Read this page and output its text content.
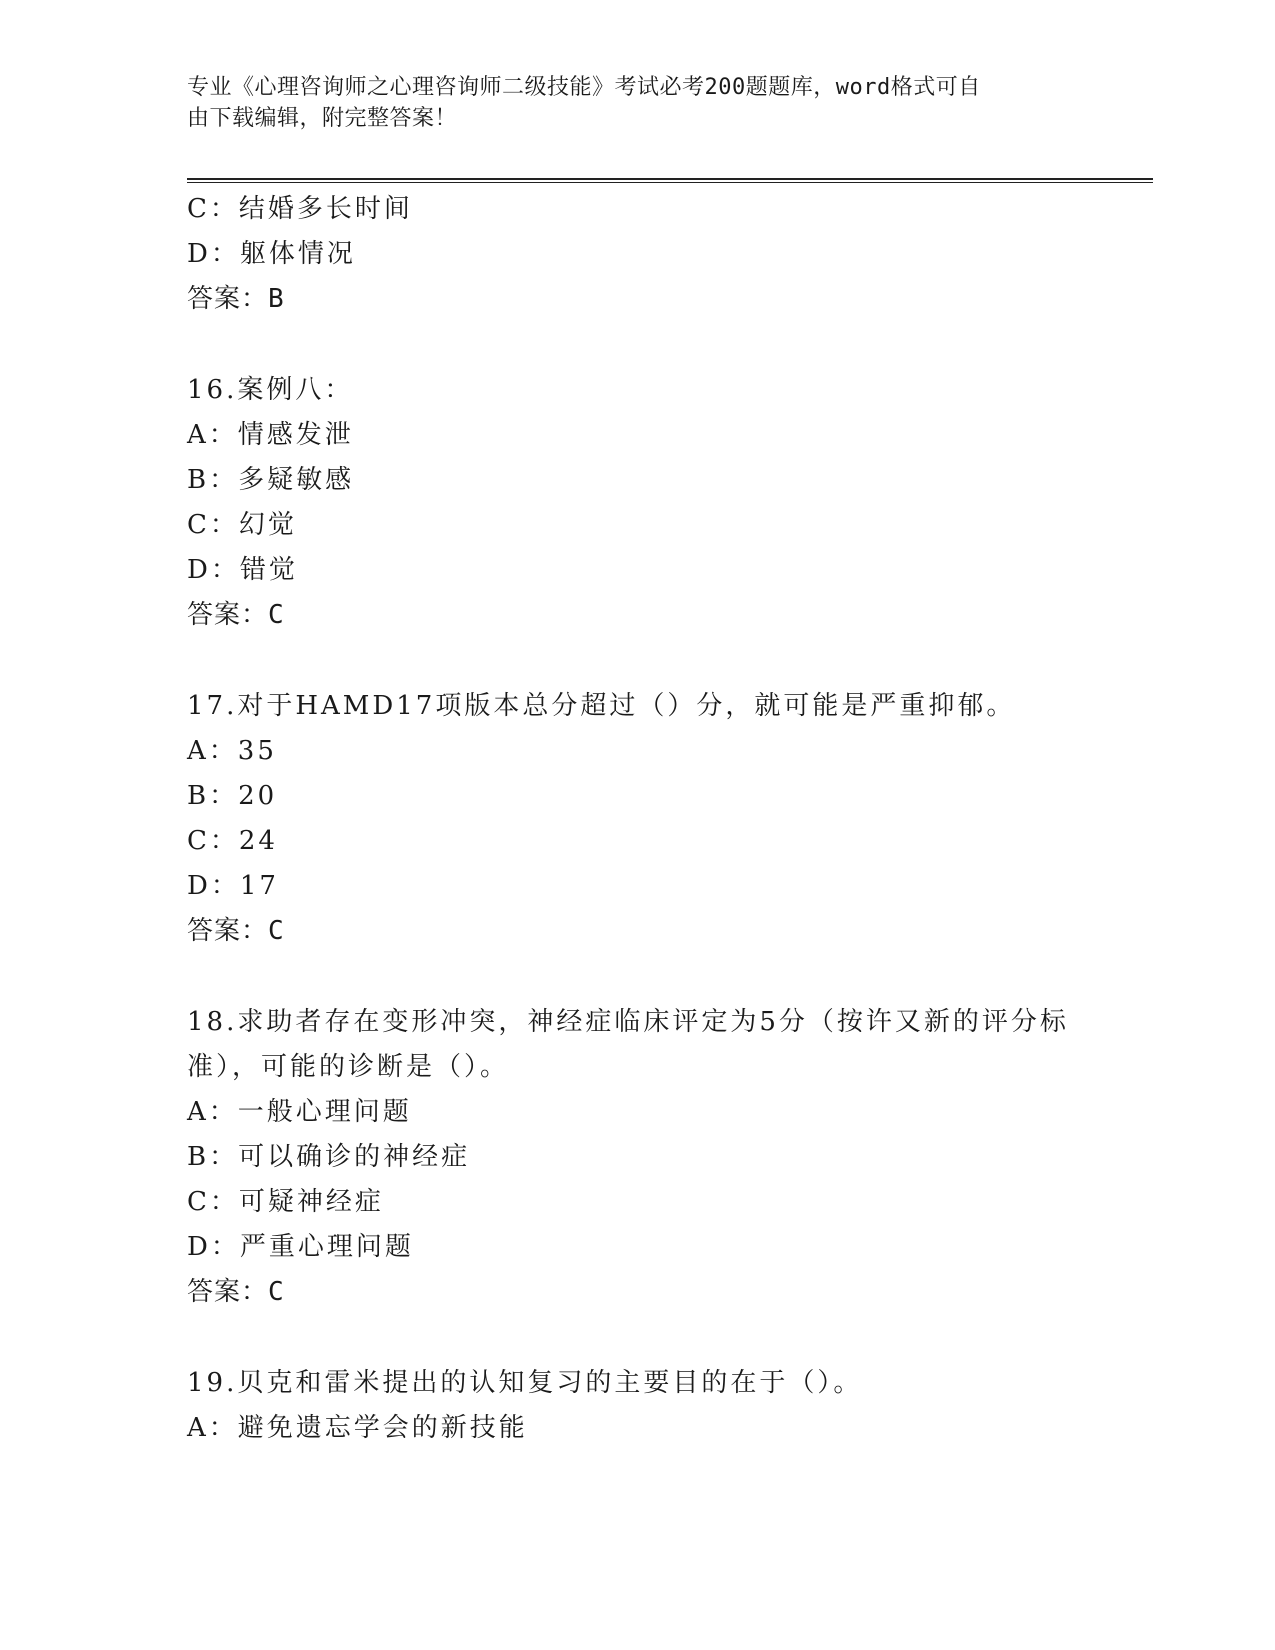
专业《心理咨询师之心理咨询师二级技能》考试必考200题题库，word格式可自
由下载编辑，附完整答案！
C：结婚多长时间
D：躯体情况
答案：B
16.案例八：
A：情感发泄
B：多疑敏感
C：幻觉
D：错觉
答案：C
17.对于HAMD17项版本总分超过（）分，就可能是严重抑郁。
A：35
B：20
C：24
D：17
答案：C
18.求助者存在变形冲突，神经症临床评定为5分（按许又新的评分标
准），可能的诊断是（）。
A：一般心理问题
B：可以确诊的神经症
C：可疑神经症
D：严重心理问题
答案：C
19.贝克和雷米提出的认知复习的主要目的在于（）。
A：避免遗忘学会的新技能
